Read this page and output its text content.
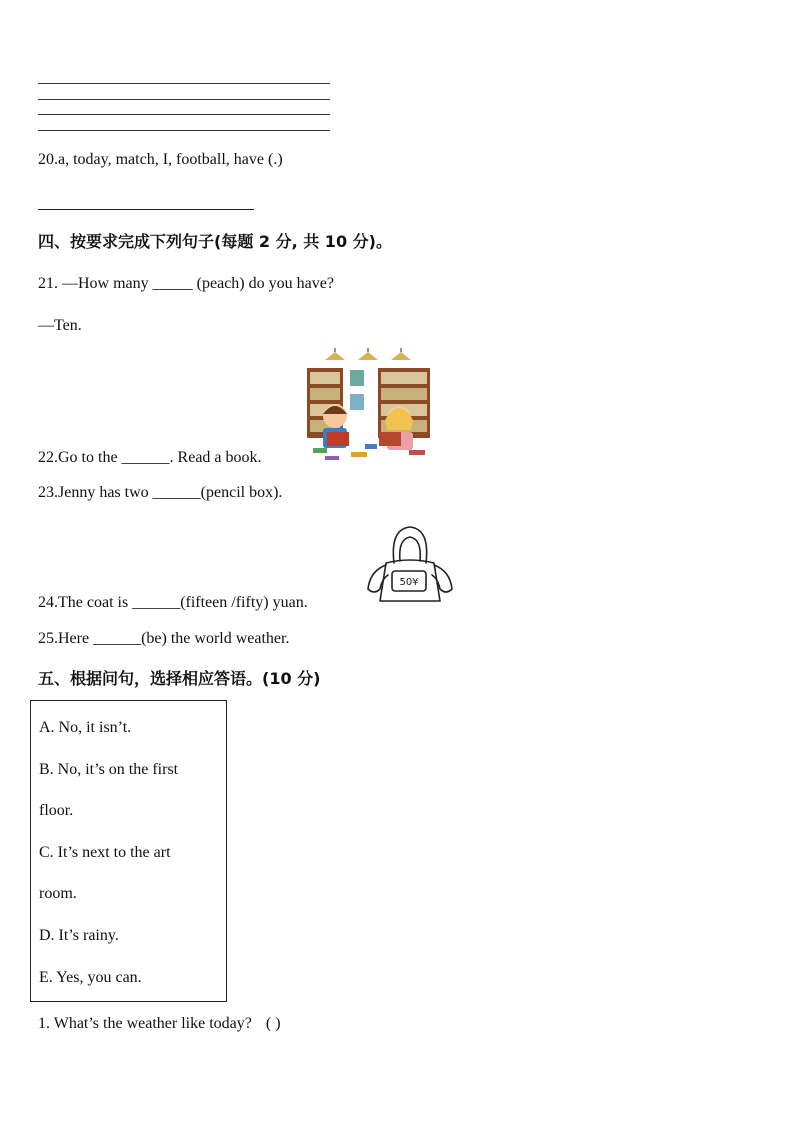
20.a, today, match, I, football, have (.)
四、按要求完成下列句子(每题 2 分, 共 10 分)。
21. —How many _____ (peach) do you have?
—Ten.
22.Go to the ______. Read a book.
23.Jenny has two ______(pencil box).
50¥
24.The coat is ______(fifteen /fifty) yuan.
25.Here ______(be) the world weather.
五、根据问句，选择相应答语。(10 分)
A. No, it isn’t.
B. No, it’s on the first
floor.
C. It’s next to the art
room.
D. It’s rainy.
E. Yes, you can.
1. What’s the weather like today? ( )
